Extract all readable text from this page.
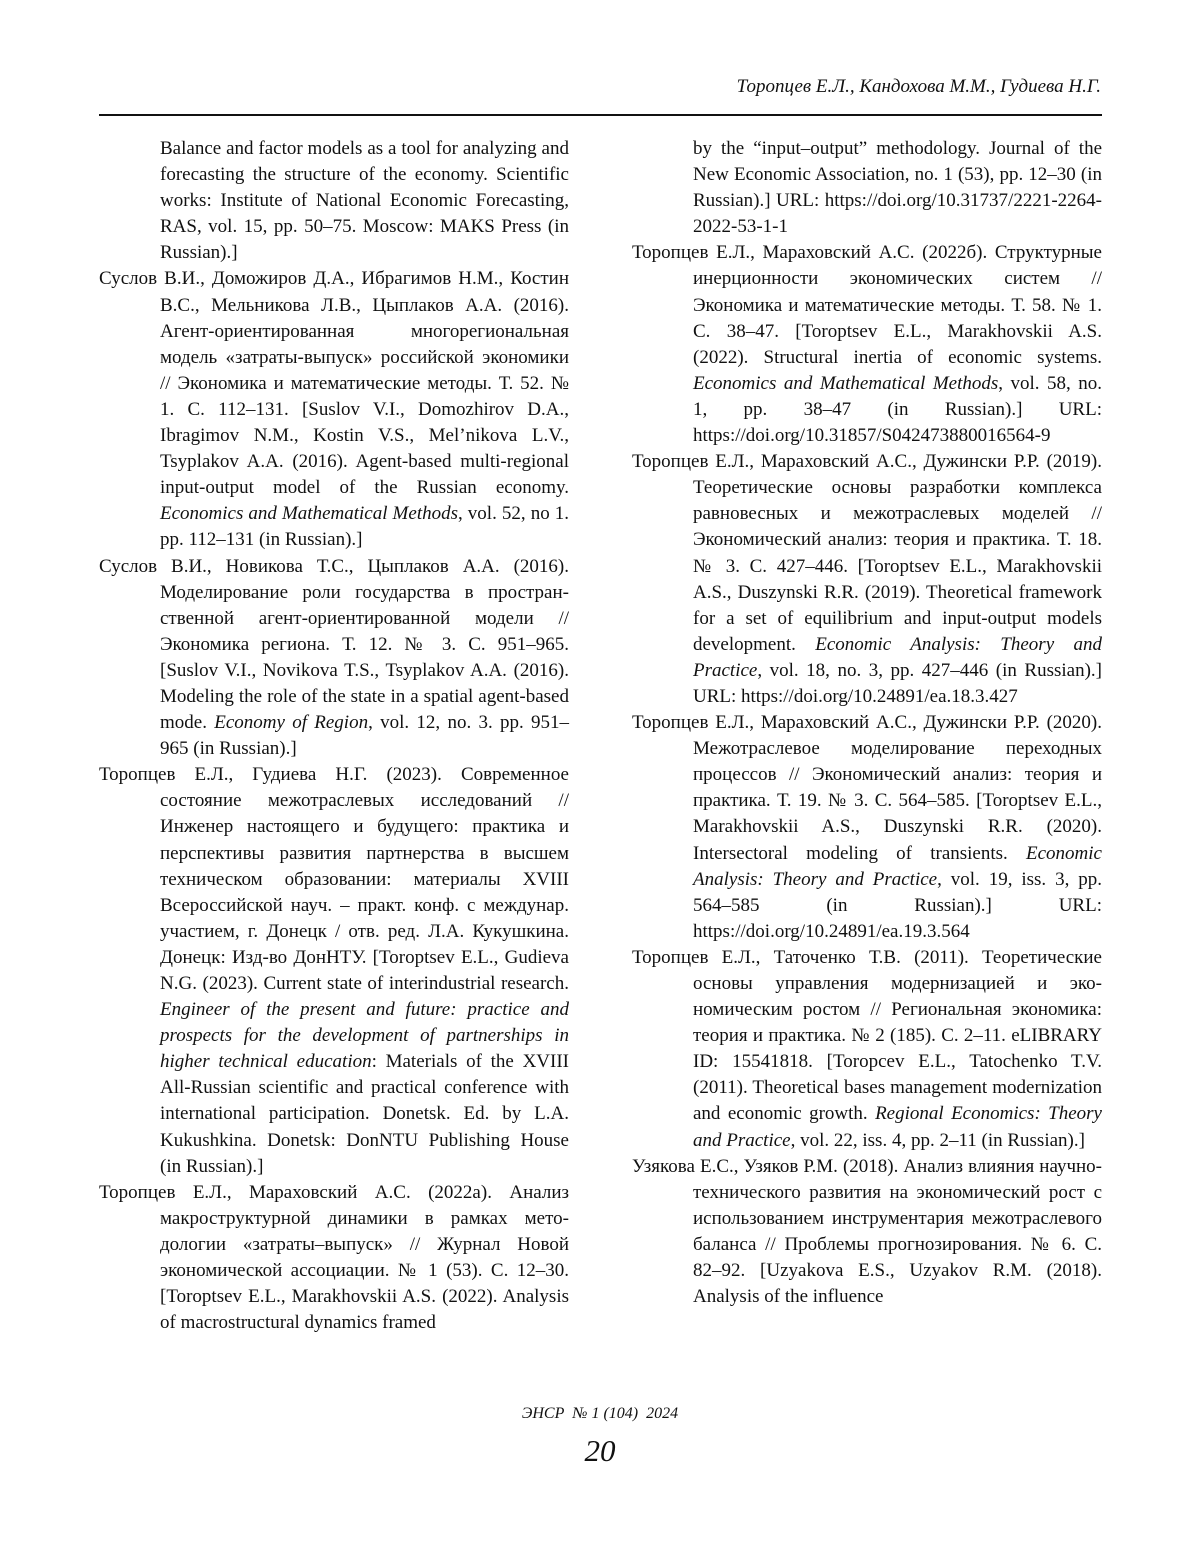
Торопцев Е.Л., Кандохова М.М., Гудиева Н.Г.

Balance and factor models as a tool for analyzing and forecasting the structure of the economy. Scientific works: Institute of National Economic Forecasting, RAS, vol. 15, pp. 50–75. Moscow: MAKS Press (in Russian).]

Суслов В.И., Доможиров Д.А., Ибрагимов Н.М., Костин В.С., Мельникова Л.В., Цыплаков А.А. (2016). Агент-ориентированная многорегиональная модель «затраты-выпуск» российской экономики // Экономика и математические методы. Т. 52. № 1. С. 112–131. [Suslov V.I., Domozhirov D.A., Ibragimov N.M., Kostin V.S., Mel’nikova L.V., Tsyplakov A.A. (2016). Agent-based multi-regional input-output model of the Russian economy. Economics and Mathematical Methods, vol. 52, no 1. pp. 112–131 (in Russian).]

Суслов В.И., Новикова Т.С., Цыплаков А.А. (2016). Моделирование роли государства в пространственной агент-ориентированной модели // Экономика региона. Т. 12. № 3. С. 951–965. [Suslov V.I., Novikova T.S., Tsyplakov A.A. (2016). Modeling the role of the state in a spatial agent-based mode. Economy of Region, vol. 12, no. 3. pp. 951–965 (in Russian).]

Торопцев Е.Л., Гудиева Н.Г. (2023). Современное состояние межотраслевых исследований // Инженер настоящего и будущего: практика и перспективы развития партнерства в высшем техническом образовании: материалы XVIII Всероссийской науч. – практ. конф. с междунар. участием, г. Донецк / отв. ред. Л.А. Кукушкина. Донецк: Изд-во ДонНТУ. [Toroptsev E.L., Gudieva N.G. (2023). Current state of interindustrial research. Engineer of the present and future: practice and prospects for the development of partnerships in higher technical education: Materials of the XVIII All-Russian scientific and practical conference with international participation. Donetsk. Ed. by L.A. Kukushkina. Donetsk: DonNTU Publishing House (in Russian).]

Торопцев Е.Л., Мараховский А.С. (2022а). Анализ макроструктурной динамики в рамках методологии «затраты–выпуск» // Журнал Новой экономической ассоциации. № 1 (53). С. 12–30. [Toroptsev E.L., Marakhovskii A.S. (2022). Analysis of macrostructural dynamics framed

by the “input–output” methodology. Journal of the New Economic Association, no. 1 (53), pp. 12–30 (in Russian).] URL: https://doi.org/10.31737/2221-2264-2022-53-1-1

Торопцев Е.Л., Мараховский А.С. (2022б). Структурные инерционности экономических систем // Экономика и математические методы. Т. 58. № 1. С. 38–47. [Toroptsev E.L., Marakhovskii A.S. (2022). Structural inertia of economic systems. Economics and Mathematical Methods, vol. 58, no. 1, pp. 38–47 (in Russian).] URL: https://doi.org/10.31857/S042473880016564-9

Торопцев Е.Л., Мараховский А.С., Дужински Р.Р. (2019). Теоретические основы разработки комплекса равновесных и межотраслевых моделей // Экономический анализ: теория и практика. Т. 18. № 3. С. 427–446. [Toroptsev E.L., Marakhovskii A.S., Duszynski R.R. (2019). Theoretical framework for a set of equilibrium and input-output models development. Economic Analysis: Theory and Practice, vol. 18, no. 3, pp. 427–446 (in Russian).] URL: https://doi.org/10.24891/ea.18.3.427

Торопцев Е.Л., Мараховский А.С., Дужински Р.Р. (2020). Межотраслевое моделирование переходных процессов // Экономический анализ: теория и практика. Т. 19. № 3. С. 564–585. [Toroptsev E.L., Marakhovskii A.S., Duszynski R.R. (2020). Intersectoral modeling of transients. Economic Analysis: Theory and Practice, vol. 19, iss. 3, pp. 564–585 (in Russian).] URL: https://doi.org/10.24891/ea.19.3.564

Торопцев Е.Л., Таточенко Т.В. (2011). Теоретические основы управления модернизацией и экономическим ростом // Региональная экономика: теория и практика. № 2 (185). С. 2–11. eLIBRARY ID: 15541818. [Toropcev E.L., Tatochenko T.V. (2011). Theoretical bases management modernization and economic growth. Regional Economics: Theory and Practice, vol. 22, iss. 4, pp. 2–11 (in Russian).]

Узякова Е.С., Узяков Р.М. (2018). Анализ влияния научно-технического развития на экономический рост с использованием инструментария межотраслевого баланса // Проблемы прогнозирования. № 6. С. 82–92. [Uzyakova E.S., Uzyakov R.M. (2018). Analysis of the influence

ЭНСР  № 1 (104)  2024
20
